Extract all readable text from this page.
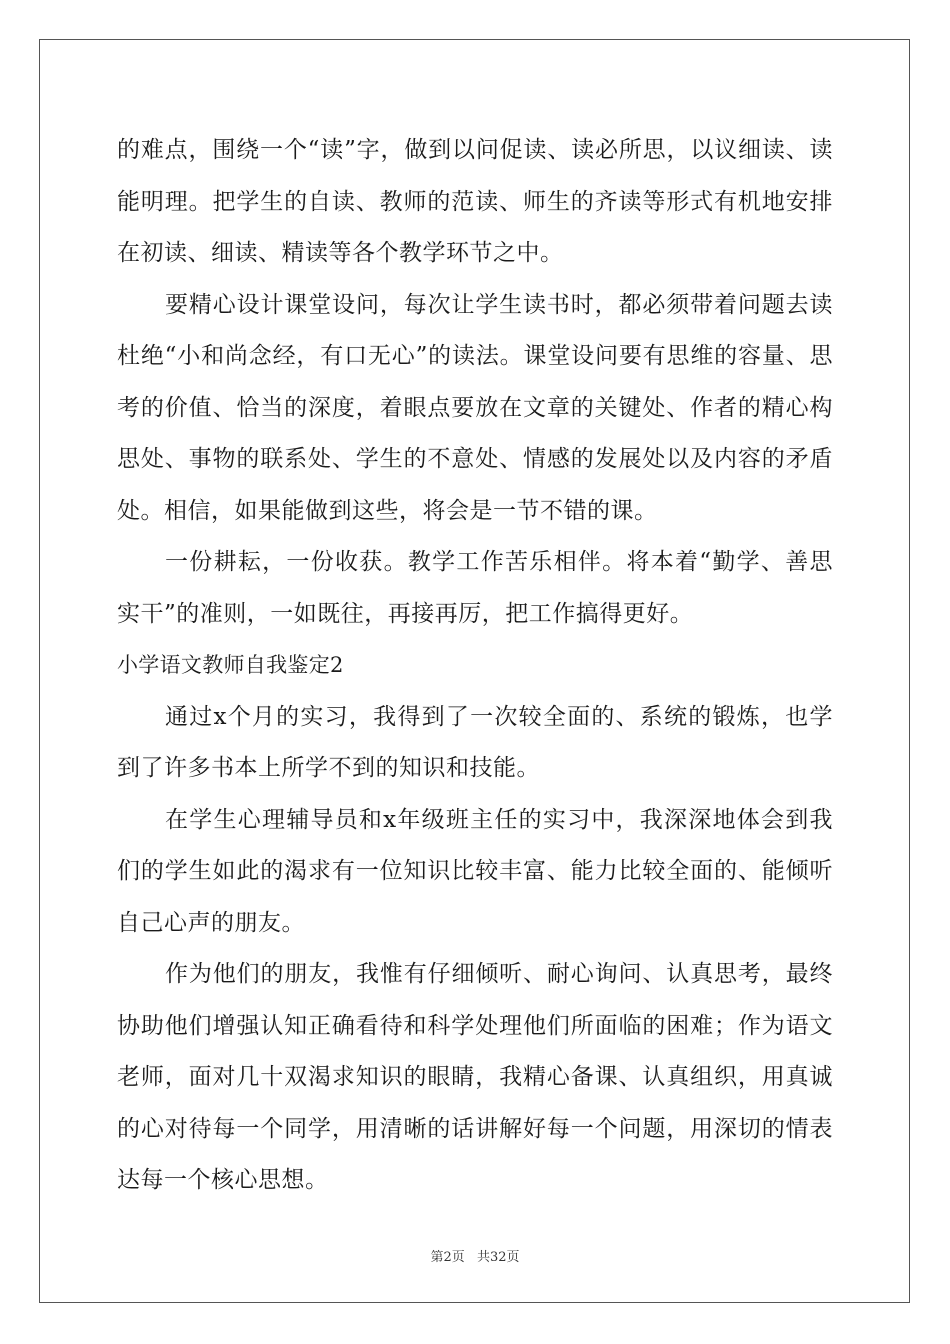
的难点，围绕一个“读”字，做到以问促读、读必所思，以议细读、读能明理。把学生的自读、教师的范读、师生的齐读等形式有机地安排在初读、细读、精读等各个教学环节之中。

要精心设计课堂设问，每次让学生读书时，都必须带着问题去读杜绝“小和尚念经，有口无心”的读法。课堂设问要有思维的容量、思考的价值、恰当的深度，着眼点要放在文章的关键处、作者的精心构思处、事物的联系处、学生的不意处、情感的发展处以及内容的矛盾处。相信，如果能做到这些，将会是一节不错的课。

一份耕耘，一份收获。教学工作苦乐相伴。将本着“勤学、善思实干”的准则，一如既往，再接再厉，把工作搞得更好。

小学语文教师自我鉴定2

通过x个月的实习，我得到了一次较全面的、系统的锻炼，也学到了许多书本上所学不到的知识和技能。

在学生心理辅导员和x年级班主任的实习中，我深深地体会到我们的学生如此的渴求有一位知识比较丰富、能力比较全面的、能倾听自己心声的朋友。

作为他们的朋友，我惟有仔细倾听、耐心询问、认真思考，最终协助他们增强认知正确看待和科学处理他们所面临的困难；作为语文老师，面对几十双渴求知识的眼睛，我精心备课、认真组织，用真诚的心对待每一个同学，用清晰的话讲解好每一个问题，用深切的情表达每一个核心思想。

第2页 共32页
